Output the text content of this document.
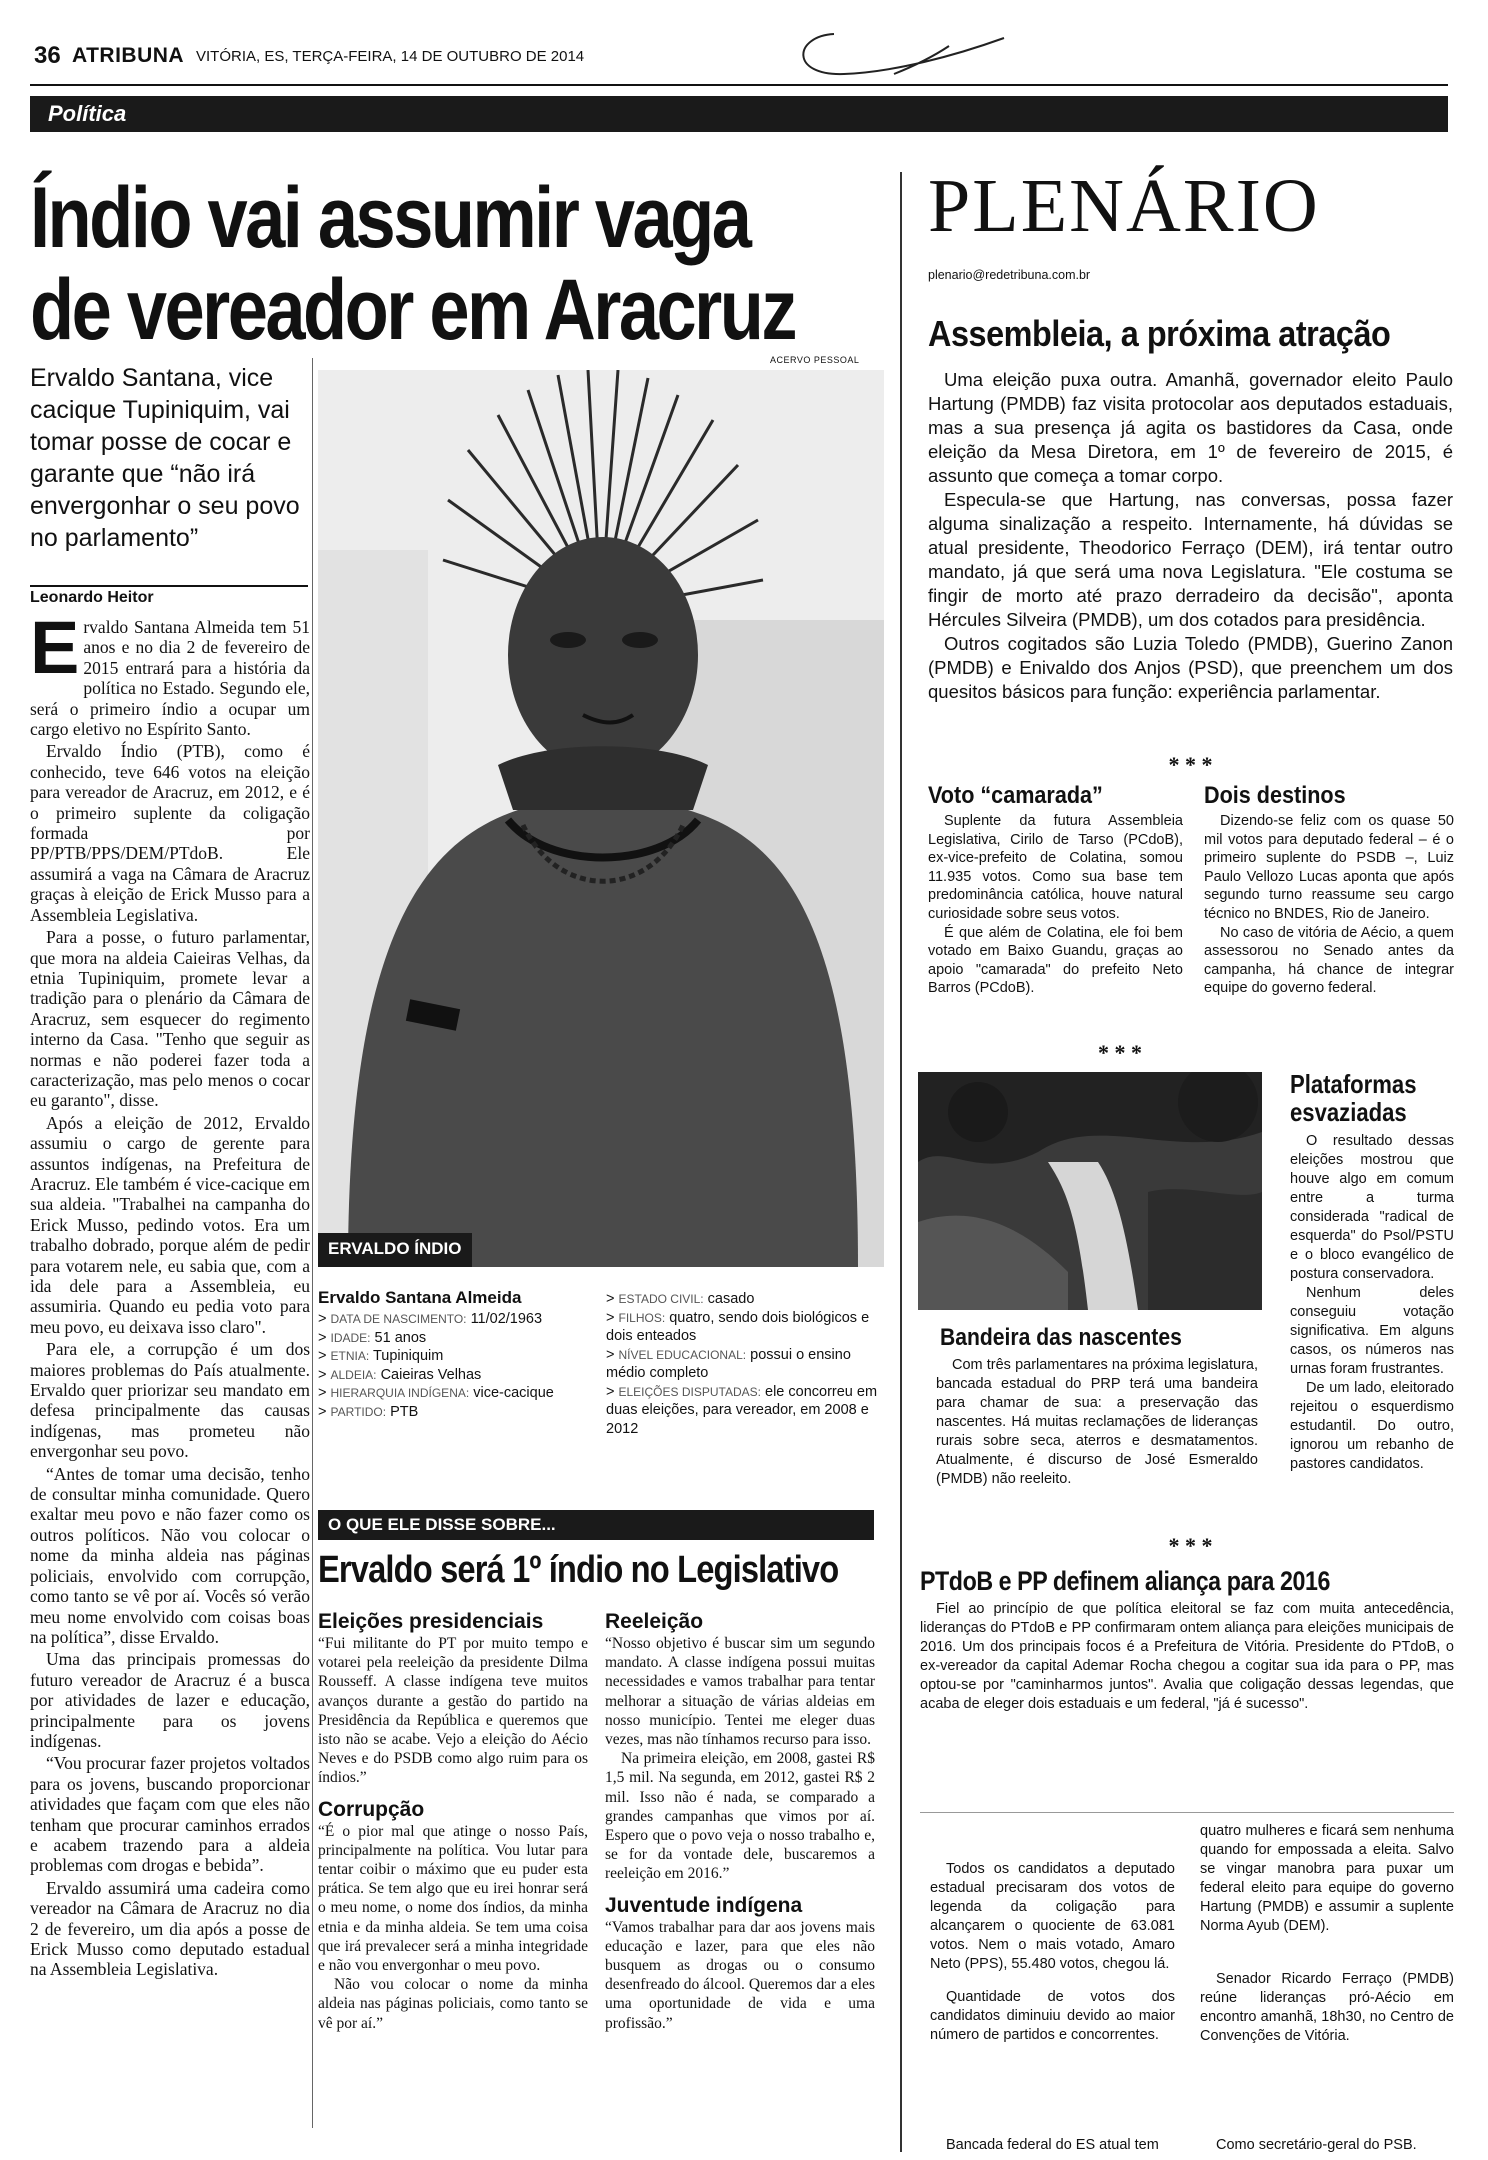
36 ATRIBUNA VITÓRIA, ES, TERÇA-FEIRA, 14 DE OUTUBRO DE 2014
Política
Índio vai assumir vaga
de vereador em Aracruz
Ervaldo Santana, vice cacique Tupiniquim, vai tomar posse de cocar e garante que “não irá envergonhar o seu povo no parlamento”
Leonardo Heitor

Ervaldo Santana Almeida tem 51 anos e no dia 2 de fevereiro de 2015 entrará para a história da política no Estado. Segundo ele, será o primeiro índio a ocupar um cargo eletivo no Espírito Santo.

Ervaldo Índio (PTB), como é conhecido, teve 646 votos na eleição para vereador de Aracruz, em 2012, e é o primeiro suplente da coligação formada por PP/PTB/PPS/DEM/PTdoB. Ele assumirá a vaga na Câmara de Aracruz graças à eleição de Erick Musso para a Assembleia Legislativa.

Para a posse, o futuro parlamentar, que mora na aldeia Caieiras Velhas, da etnia Tupiniquim, promete levar a tradição para o plenário da Câmara de Aracruz, sem esquecer do regimento interno da Casa. "Tenho que seguir as normas e não poderei fazer toda a caracterização, mas pelo menos o cocar eu garanto", disse.

Após a eleição de 2012, Ervaldo assumiu o cargo de gerente para assuntos indígenas, na Prefeitura de Aracruz. Ele também é vice-cacique em sua aldeia. "Trabalhei na campanha do Erick Musso, pedindo votos. Era um trabalho dobrado, porque além de pedir para votarem nele, eu sabia que, com a ida dele para a Assembleia, eu assumiria. Quando eu pedia voto para meu povo, eu deixava isso claro".

Para ele, a corrupção é um dos maiores problemas do País atualmente. Ervaldo quer priorizar seu mandato em defesa principalmente das causas indígenas, mas prometeu não envergonhar seu povo.

“Antes de tomar uma decisão, tenho de consultar minha comunidade. Quero exaltar meu povo e não fazer como os outros políticos. Não vou colocar o nome da minha aldeia nas páginas policiais, envolvido com corrupção, como tanto se vê por aí. Vocês só verão meu nome envolvido com coisas boas na política”, disse Ervaldo.

Uma das principais promessas do futuro vereador de Aracruz é a busca por atividades de lazer e educação, principalmente para os jovens indígenas.

“Vou procurar fazer projetos voltados para os jovens, buscando proporcionar atividades que façam com que eles não tenham que procurar caminhos errados e acabem trazendo para a aldeia problemas com drogas e bebida”.

Ervaldo assumirá uma cadeira como vereador na Câmara de Aracruz no dia 2 de fevereiro, um dia após a posse de Erick Musso como deputado estadual na Assembleia Legislativa.

ACERVO PESSOAL
ERVALDO ÍNDIO
Ervaldo Santana Almeida
> DATA DE NASCIMENTO: 11/02/1963
> IDADE: 51 anos
> ETNIA: Tupiniquim
> ALDEIA: Caieiras Velhas
> HIERARQUIA INDÍGENA: vice-cacique
> PARTIDO: PTB
> ESTADO CIVIL: casado
> FILHOS: quatro, sendo dois biológicos e dois enteados
> NÍVEL EDUCACIONAL: possui o ensino médio completo
> ELEIÇÕES DISPUTADAS: ele concorreu em duas eleições, para vereador, em 2008 e 2012
O QUE ELE DISSE SOBRE...
Ervaldo será 1º índio no Legislativo
Eleições presidenciais

“Fui militante do PT por muito tempo e votarei pela reeleição da presidente Dilma Rousseff. A classe indígena teve muitos avanços durante a gestão do partido na Presidência da República e queremos que isto não se acabe. Vejo a eleição do Aécio Neves e do PSDB como algo ruim para os índios.”

Corrupção

“É o pior mal que atinge o nosso País, principalmente na política. Vou lutar para tentar coibir o máximo que eu puder esta prática. Se tem algo que eu irei honrar será o meu nome, o nome dos índios, da minha etnia e da minha aldeia. Se tem uma coisa que irá prevalecer será a minha integridade e não vou envergonhar o meu povo.

Não vou colocar o nome da minha aldeia nas páginas policiais, como tanto se vê por aí.”

Reeleição

“Nosso objetivo é buscar sim um segundo mandato. A classe indígena possui muitas necessidades e vamos trabalhar para tentar melhorar a situação de várias aldeias em nosso município. Tentei me eleger duas vezes, mas não tínhamos recurso para isso.

Na primeira eleição, em 2008, gastei R$ 1,5 mil. Na segunda, em 2012, gastei R$ 2 mil. Isso não é nada, se comparado a grandes campanhas que vimos por aí. Espero que o povo veja o nosso trabalho e, se for da vontade dele, buscaremos a reeleição em 2016.”

Juventude indígena

“Vamos trabalhar para dar aos jovens mais educação e lazer, para que eles não busquem as drogas ou o consumo desenfreado do álcool. Queremos dar a eles uma oportunidade de vida e uma profissão.”

PLENÁRIO
plenario@redetribuna.com.br
Assembleia, a próxima atração

Uma eleição puxa outra. Amanhã, governador eleito Paulo Hartung (PMDB) faz visita protocolar aos deputados estaduais, mas a sua presença já agita os bastidores da Casa, onde eleição da Mesa Diretora, em 1º de fevereiro de 2015, é assunto que começa a tomar corpo.

Especula-se que Hartung, nas conversas, possa fazer alguma sinalização a respeito. Internamente, há dúvidas se atual presidente, Theodorico Ferraço (DEM), irá tentar outro mandato, já que será uma nova Legislatura. "Ele costuma se fingir de morto até prazo derradeiro da decisão", aponta Hércules Silveira (PMDB), um dos cotados para presidência.

Outros cogitados são Luzia Toledo (PMDB), Guerino Zanon (PMDB) e Enivaldo dos Anjos (PSD), que preenchem um dos quesitos básicos para função: experiência parlamentar.

* * *
Voto “camarada”

Suplente da futura Assembleia Legislativa, Cirilo de Tarso (PCdoB), ex-vice-prefeito de Colatina, somou 11.935 votos. Como sua base tem predominância católica, houve natural curiosidade sobre seus votos.

É que além de Colatina, ele foi bem votado em Baixo Guandu, graças ao apoio "camarada" do prefeito Neto Barros (PCdoB).

Dois destinos

Dizendo-se feliz com os quase 50 mil votos para deputado federal – é o primeiro suplente do PSDB –, Luiz Paulo Vellozo Lucas aponta que após segundo turno reassume seu cargo técnico no BNDES, Rio de Janeiro.

No caso de vitória de Aécio, a quem assessorou no Senado antes da campanha, há chance de integrar equipe do governo federal.

* * *
Plataformas
esvaziadas

O resultado dessas eleições mostrou que houve algo em comum entre a turma considerada "radical de esquerda" do Psol/PSTU e o bloco evangélico de postura conservadora.

Nenhum deles conseguiu votação significativa. Em alguns casos, os números nas urnas foram frustrantes.

De um lado, eleitorado rejeitou o esquerdismo estudantil. Do outro, ignorou um rebanho de pastores candidatos.

Bandeira das nascentes

Com três parlamentares na próxima legislatura, bancada estadual do PRP terá uma bandeira para chamar de sua: a preservação das nascentes. Há muitas reclamações de lideranças rurais sobre seca, aterros e desmatamentos. Atualmente, é discurso de José Esmeraldo (PMDB) não reeleito.

* * *
PTdoB e PP definem aliança para 2016

Fiel ao princípio de que política eleitoral se faz com muita antecedência, lideranças do PTdoB e PP confirmaram ontem aliança para eleições municipais de 2016. Um dos principais focos é a Prefeitura de Vitória. Presidente do PTdoB, o ex-vereador da capital Ademar Rocha chegou a cogitar sua ida para o PP, mas optou-se por "caminharmos juntos". Avalia que coligação dessas legendas, que acaba de eleger dois estaduais e um federal, "já é sucesso".

Todos os candidatos a deputado estadual precisaram dos votos de legenda da coligação para alcançarem o quociente de 63.081 votos. Nem o mais votado, Amaro Neto (PPS), 55.480 votos, chegou lá.

Quantidade de votos dos candidatos diminuiu devido ao maior número de partidos e concorrentes.

Bancada federal do ES atual tem

quatro mulheres e ficará sem nenhuma quando for empossada a eleita. Salvo se vingar manobra para puxar um federal eleito para equipe do governo Hartung (PMDB) e assumir a suplente Norma Ayub (DEM).

Senador Ricardo Ferraço (PMDB) reúne lideranças pró-Aécio em encontro amanhã, 18h30, no Centro de Convenções de Vitória.

Como secretário-geral do PSB.
